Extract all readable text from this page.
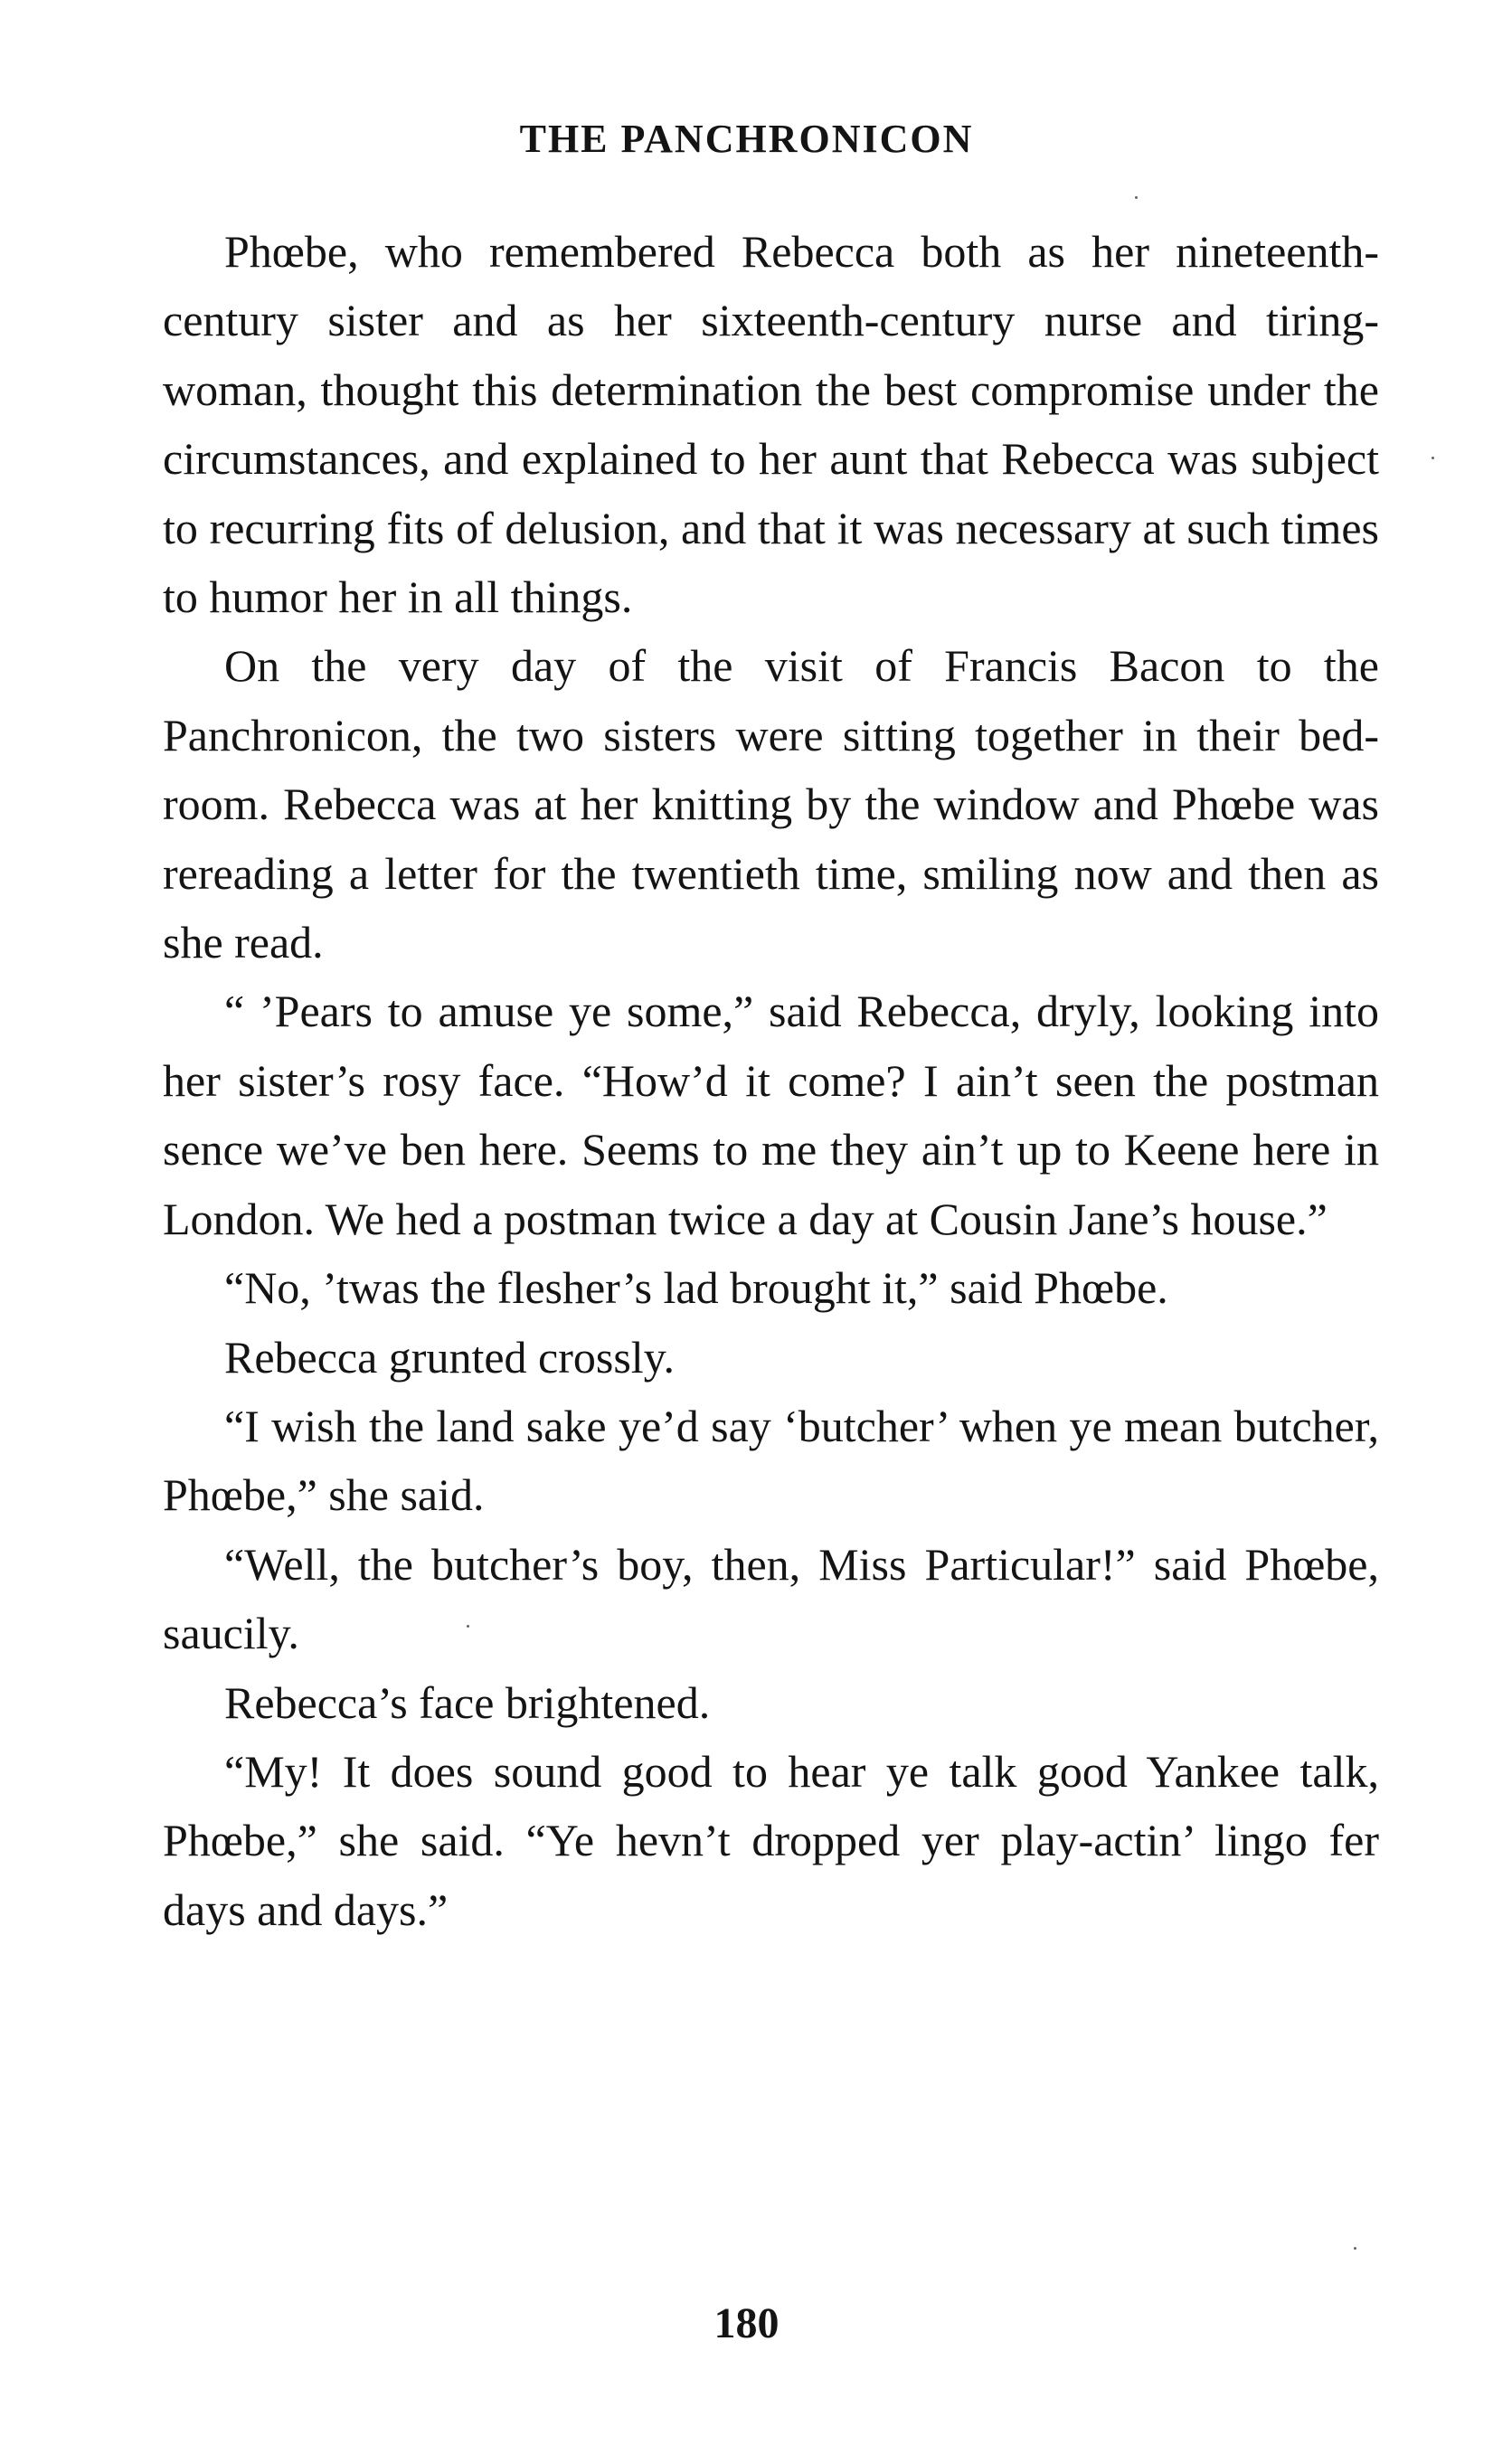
THE PANCHRONICON

Phœbe, who remembered Rebecca both as her nineteenth-century sister and as her sixteenth-century nurse and tiring-woman, thought this determination the best compromise under the circumstances, and explained to her aunt that Rebecca was subject to recurring fits of delusion, and that it was necessary at such times to humor her in all things.

On the very day of the visit of Francis Bacon to the Panchronicon, the two sisters were sitting together in their bed-room. Rebecca was at her knitting by the window and Phœbe was rereading a letter for the twentieth time, smiling now and then as she read.

“ ’Pears to amuse ye some,” said Rebecca, dryly, looking into her sister’s rosy face. “How’d it come? I ain’t seen the postman sence we’ve ben here. Seems to me they ain’t up to Keene here in London. We hed a postman twice a day at Cousin Jane’s house.”

“No, ’twas the flesher’s lad brought it,” said Phœbe.

Rebecca grunted crossly.

“I wish the land sake ye’d say ‘butcher’ when ye mean butcher, Phœbe,” she said.

“Well, the butcher’s boy, then, Miss Particular!” said Phœbe, saucily.

Rebecca’s face brightened.

“My! It does sound good to hear ye talk good Yankee talk, Phœbe,” she said. “Ye hevn’t dropped yer play-actin’ lingo fer days and days.”

180
